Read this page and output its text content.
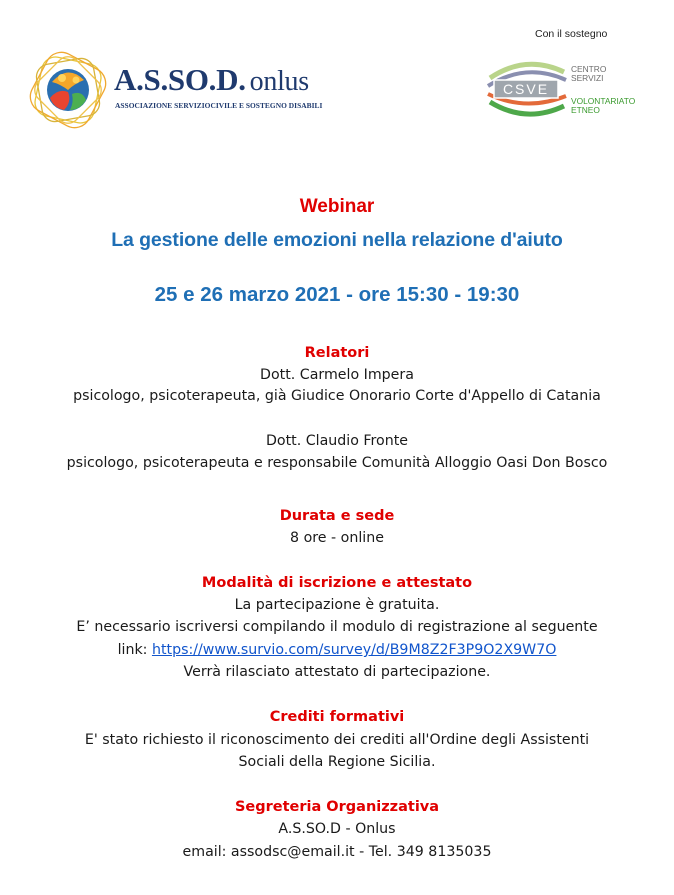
A.S.SO.D. onlus
ASSOCIAZIONE SERVIZIOCIVILE E SOSTEGNO DISABILI
Con il sostegno
CSVE
CENTRO
SERVIZI
VOLONTARIATO
ETNEO
Webinar
La gestione delle emozioni nella relazione d'aiuto
25 e 26 marzo 2021 - ore 15:30 - 19:30
Relatori
Dott. Carmelo Impera
psicologo, psicoterapeuta, già Giudice Onorario Corte d'Appello di Catania
Dott. Claudio Fronte
psicologo, psicoterapeuta e responsabile Comunità Alloggio Oasi Don Bosco
Durata e sede
8 ore - online
Modalità di iscrizione e attestato
La partecipazione è gratuita.
E’ necessario iscriversi compilando il modulo di registrazione al seguente
link: https://www.survio.com/survey/d/B9M8Z2F3P9O2X9W7O
Verrà rilasciato attestato di partecipazione.
Crediti formativi
E' stato richiesto il riconoscimento dei crediti all'Ordine degli Assistenti
Sociali della Regione Sicilia.
Segreteria Organizzativa
A.S.SO.D - Onlus
email: assodsc@email.it - Tel. 349 8135035
